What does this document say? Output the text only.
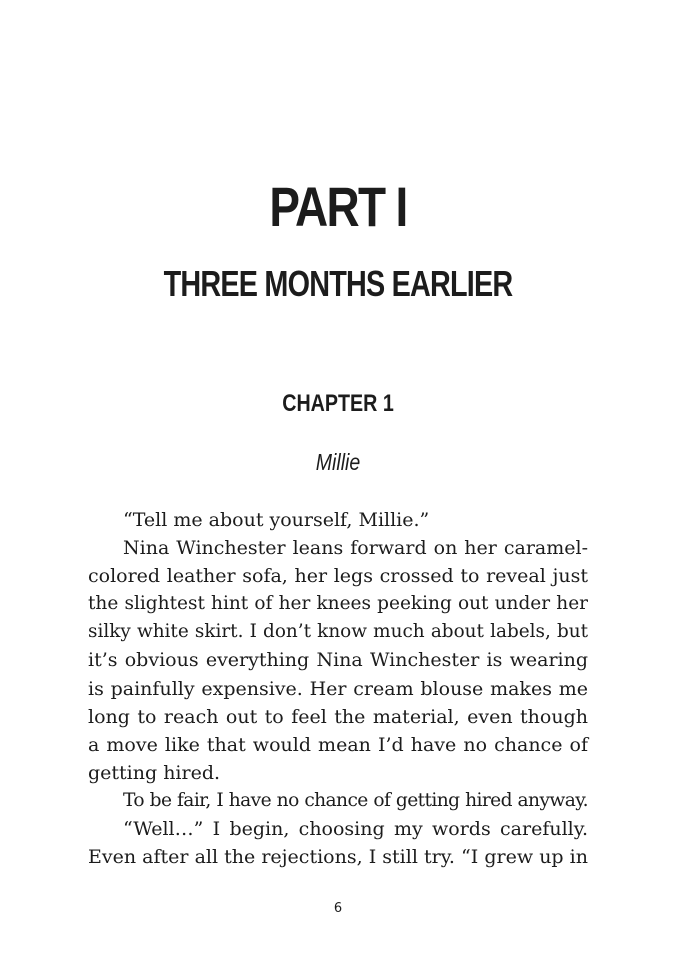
PART I
THREE MONTHS EARLIER
CHAPTER 1
Millie
“Tell me about yourself, Millie.”
Nina Winchester leans forward on her caramel-
colored leather sofa, her legs crossed to reveal just
the slightest hint of her knees peeking out under her
silky white skirt. I don’t know much about labels, but
it’s obvious everything Nina Winchester is wearing
is painfully expensive. Her cream blouse makes me
long to reach out to feel the material, even though
a move like that would mean I’d have no chance of
getting hired.
To be fair, I have no chance of getting hired anyway.
“Well…” I begin, choosing my words carefully.
Even after all the rejections, I still try. “I grew up in
6
